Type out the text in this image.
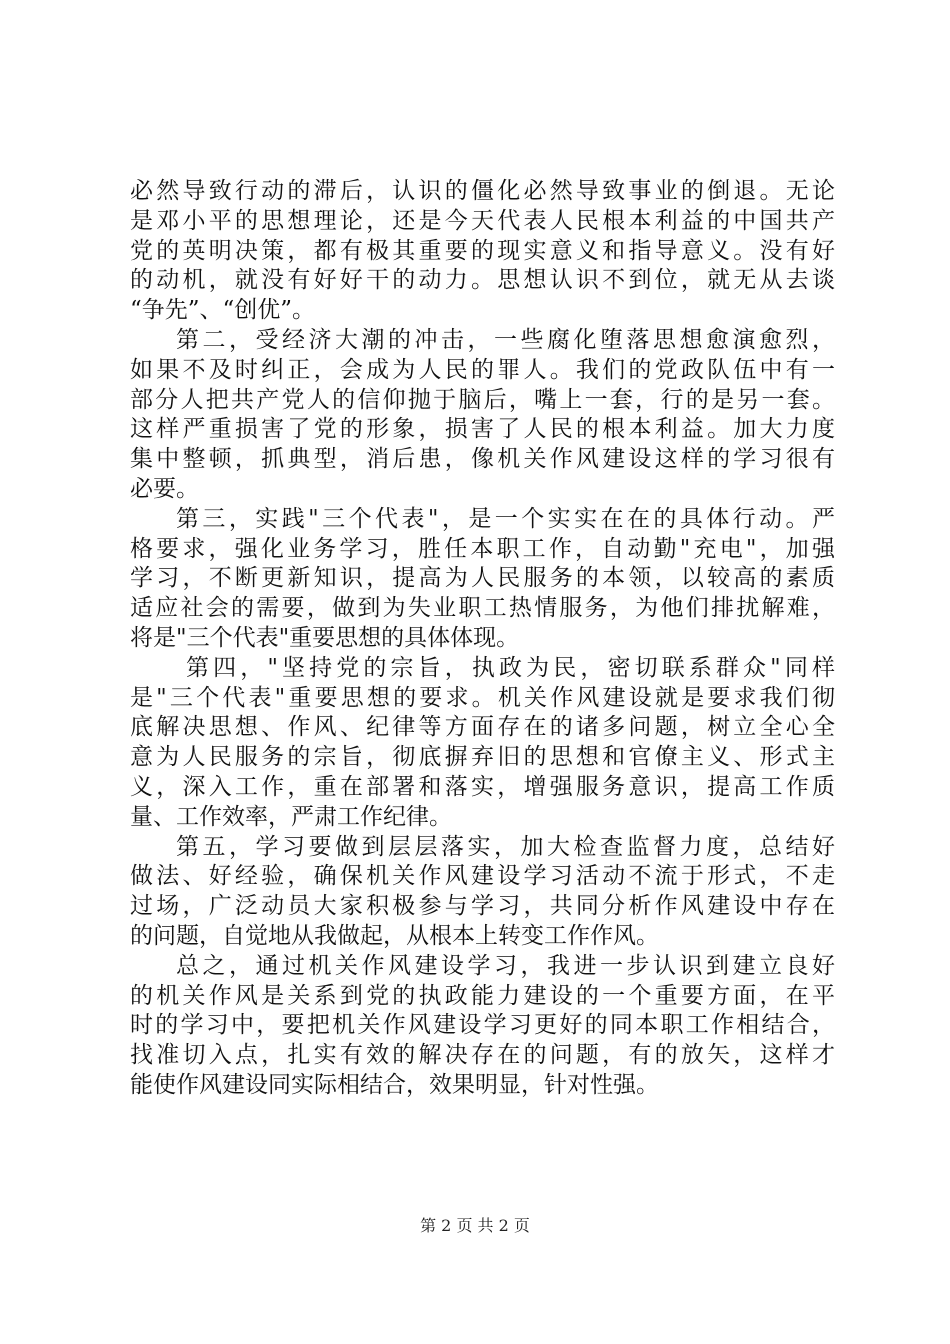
必然导致行动的滞后，认识的僵化必然导致事业的倒退。无论
是邓小平的思想理论，还是今天代表人民根本利益的中国共产
党的英明决策，都有极其重要的现实意义和指导意义。没有好
的动机，就没有好好干的动力。思想认识不到位，就无从去谈
“争先”、“创优”。
第二，受经济大潮的冲击，一些腐化堕落思想愈演愈烈，
如果不及时纠正，会成为人民的罪人。我们的党政队伍中有一
部分人把共产党人的信仰抛于脑后，嘴上一套，行的是另一套。
这样严重损害了党的形象，损害了人民的根本利益。加大力度
集中整顿，抓典型，消后患，像机关作风建设这样的学习很有
必要。
第三，实践"三个代表"，是一个实实在在的具体行动。严
格要求，强化业务学习，胜任本职工作，自动勤"充电"，加强
学习，不断更新知识，提高为人民服务的本领，以较高的素质
适应社会的需要，做到为失业职工热情服务，为他们排扰解难，
将是"三个代表"重要思想的具体体现。
第四，"坚持党的宗旨，执政为民，密切联系群众"同样
是"三个代表"重要思想的要求。机关作风建设就是要求我们彻
底解决思想、作风、纪律等方面存在的诸多问题，树立全心全
意为人民服务的宗旨，彻底摒弃旧的思想和官僚主义、形式主
义，深入工作，重在部署和落实，增强服务意识，提高工作质
量、工作效率，严肃工作纪律。
第五，学习要做到层层落实，加大检查监督力度，总结好
做法、好经验，确保机关作风建设学习活动不流于形式，不走
过场，广泛动员大家积极参与学习，共同分析作风建设中存在
的问题，自觉地从我做起，从根本上转变工作作风。
总之，通过机关作风建设学习，我进一步认识到建立良好
的机关作风是关系到党的执政能力建设的一个重要方面，在平
时的学习中，要把机关作风建设学习更好的同本职工作相结合，
找准切入点，扎实有效的解决存在的问题，有的放矢，这样才
能使作风建设同实际相结合，效果明显，针对性强。
第 2 页 共 2 页
